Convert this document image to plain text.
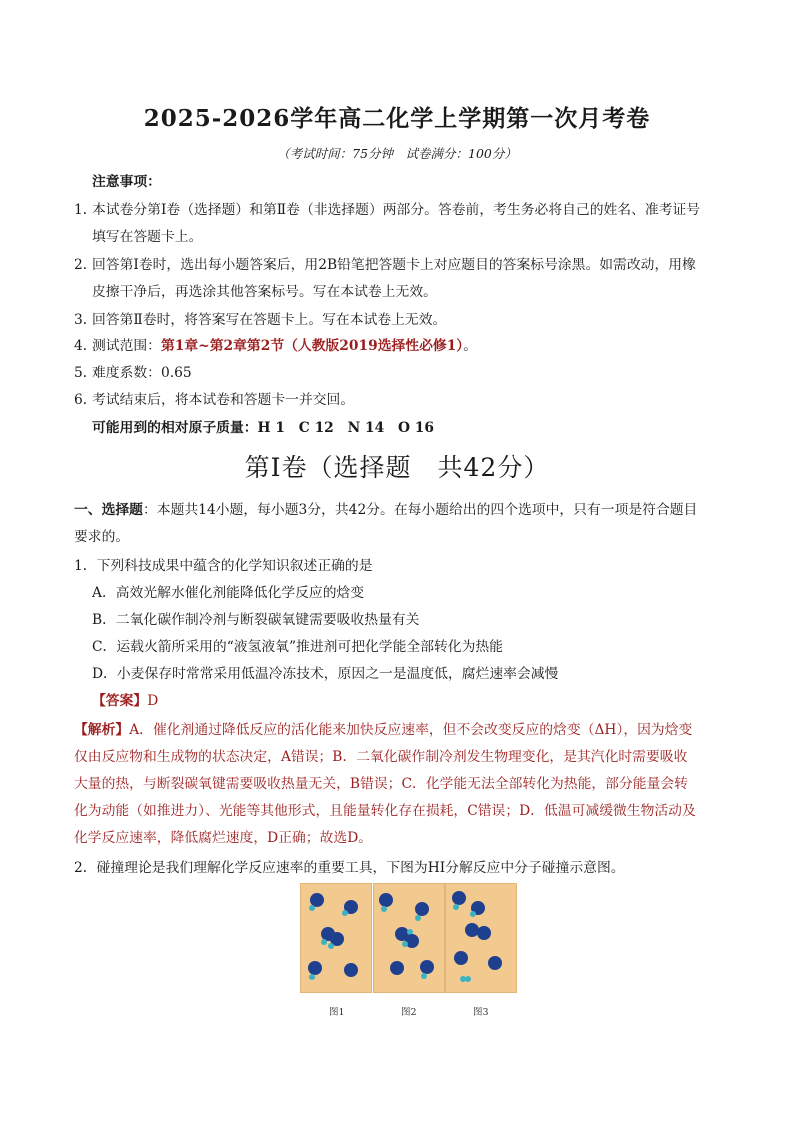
2025-2026学年高二化学上学期第一次月考卷
（考试时间：75分钟　试卷满分：100分）
注意事项：
1．
本试卷分第Ⅰ卷（选择题）和第Ⅱ卷（非选择题）两部分。答卷前，考生务必将自己的姓名、准考证号
填写在答题卡上。
2．
回答第Ⅰ卷时，选出每小题答案后，用2B铅笔把答题卡上对应题目的答案标号涂黑。如需改动，用橡
皮擦干净后，再选涂其他答案标号。写在本试卷上无效。
3．
回答第Ⅱ卷时，将答案写在答题卡上。写在本试卷上无效。
4．
测试范围：第1章~第2章第2节（人教版2019选择性必修1）。
5．
难度系数：0.65
6．
考试结束后，将本试卷和答题卡一并交回。
可能用到的相对原子质量：H 1　C 12　N 14　O 16
第Ⅰ卷（选择题　共42分）
一、选择题：本题共14小题，每小题3分，共42分。在每小题给出的四个选项中，只有一项是符合题目
要求的。
1．下列科技成果中蕴含的化学知识叙述正确的是
A．高效光解水催化剂能降低化学反应的焓变
B．二氧化碳作制冷剂与断裂碳氧键需要吸收热量有关
C．运载火箭所采用的“液氢液氧”推进剂可把化学能全部转化为热能
D．小麦保存时常常采用低温冷冻技术，原因之一是温度低，腐烂速率会减慢
【答案】D
【解析】A．催化剂通过降低反应的活化能来加快反应速率，但不会改变反应的焓变（ΔH），因为焓变
仅由反应物和生成物的状态决定，A错误；B．二氧化碳作制冷剂发生物理变化，是其汽化时需要吸收
大量的热，与断裂碳氧键需要吸收热量无关，B错误；C．化学能无法全部转化为热能，部分能量会转
化为动能（如推进力）、光能等其他形式，且能量转化存在损耗，C错误；D．低温可减缓微生物活动及
化学反应速率，降低腐烂速度，D正确；故选D。
2．碰撞理论是我们理解化学反应速率的重要工具，下图为HI分解反应中分子碰撞示意图。
图1	图2	图3
